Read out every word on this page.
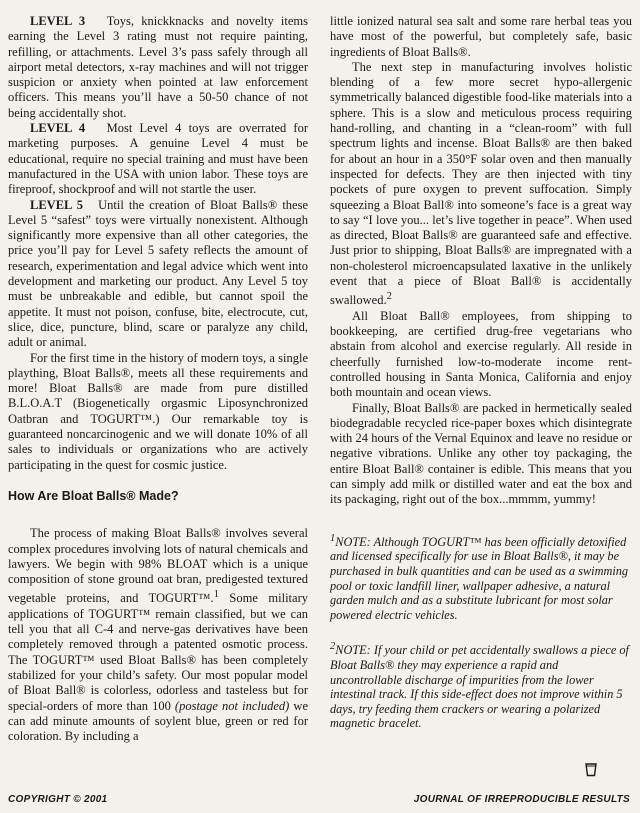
LEVEL 3 Toys, knickknacks and novelty items earning the Level 3 rating must not require painting, refilling, or attachments. Level 3’s pass safely through all airport metal detectors, x-ray machines and will not trigger suspicion or anxiety when pointed at law enforcement officers. This means you’ll have a 50-50 chance of not being accidentally shot.

LEVEL 4 Most Level 4 toys are overrated for marketing purposes. A genuine Level 4 must be educational, require no special training and must have been manufactured in the USA with union labor. These toys are fireproof, shockproof and will not startle the user.

LEVEL 5 Until the creation of Bloat Balls® these Level 5 “safest” toys were virtually nonexistent. Although significantly more expensive than all other categories, the price you’ll pay for Level 5 safety reflects the amount of research, experimentation and legal advice which went into development and marketing our product. Any Level 5 toy must be unbreakable and edible, but cannot spoil the appetite. It must not poison, confuse, bite, electrocute, cut, slice, dice, puncture, blind, scare or paralyze any child, adult or animal.

For the first time in the history of modern toys, a single plaything, Bloat Balls®, meets all these requirements and more! Bloat Balls® are made from pure distilled B.L.O.A.T (Biogenetically orgasmic Liposynchronized Oatbran and TOGURT™.) Our remarkable toy is guaranteed noncarcinogenic and we will donate 10% of all sales to individuals or organizations who are actively participating in the quest for cosmic justice.

How Are Bloat Balls® Made?

The process of making Bloat Balls® involves several complex procedures involving lots of natural chemicals and lawyers. We begin with 98% BLOAT which is a unique composition of stone ground oat bran, predigested textured vegetable proteins, and TOGURT™.$^1$ Some military applications of TOGURT™ remain classified, but we can tell you that all C-4 and nerve-gas derivatives have been completely removed through a patented osmotic process. The TOGURT™ used Bloat Balls® has been completely stabilized for your child’s safety. Our most popular model of Bloat Ball® is colorless, odorless and tasteless but for special-orders of more than 100 (postage not included) we can add minute amounts of soylent blue, green or red for coloration. By including a

little ionized natural sea salt and some rare herbal teas you have most of the powerful, but completely safe, basic ingredients of Bloat Balls®.

The next step in manufacturing involves holistic blending of a few more secret hypo-allergenic symmetrically balanced digestible food-like materials into a sphere. This is a slow and meticulous process requiring hand-rolling, and chanting in a “clean-room” with full spectrum lights and incense. Bloat Balls® are then baked for about an hour in a 350°F solar oven and then manually inspected for defects. They are then injected with tiny pockets of pure oxygen to prevent suffocation. Simply squeezing a Bloat Ball® into someone’s face is a great way to say “I love you... let’s live together in peace”. When used as directed, Bloat Balls® are guaranteed safe and effective. Just prior to shipping, Bloat Balls® are impregnated with a non-cholesterol microencapsulated laxative in the unlikely event that a piece of Bloat Ball® is accidentally swallowed.$^2$

All Bloat Ball® employees, from shipping to bookkeeping, are certified drug-free vegetarians who abstain from alcohol and exercise regularly. All reside in cheerfully furnished low-to-moderate income rent-controlled housing in Santa Monica, California and enjoy both mountain and ocean views.

Finally, Bloat Balls® are packed in hermetically sealed biodegradable recycled rice-paper boxes which disintegrate with 24 hours of the Vernal Equinox and leave no residue or negative vibrations. Unlike any other toy packaging, the entire Bloat Ball® container is edible. This means that you can simply add milk or distilled water and eat the box and its packaging, right out of the box...mmmm, yummy!

$^1$NOTE: Although TOGURT™ has been officially detoxified and licensed specifically for use in Bloat Balls®, it may be purchased in bulk quantities and can be used as a swimming pool or toxic landfill liner, wallpaper adhesive, a natural garden mulch and as a substitute lubricant for most solar powered electric vehicles.

$^2$NOTE: If your child or pet accidentally swallows a piece of Bloat Balls® they may experience a rapid and uncontrollable discharge of impurities from the lower intestinal track. If this side-effect does not improve within 5 days, try feeding them crackers or wearing a polarized magnetic bracelet.

COPYRIGHT © 2001	JOURNAL OF IRREPRODUCIBLE RESULTS
